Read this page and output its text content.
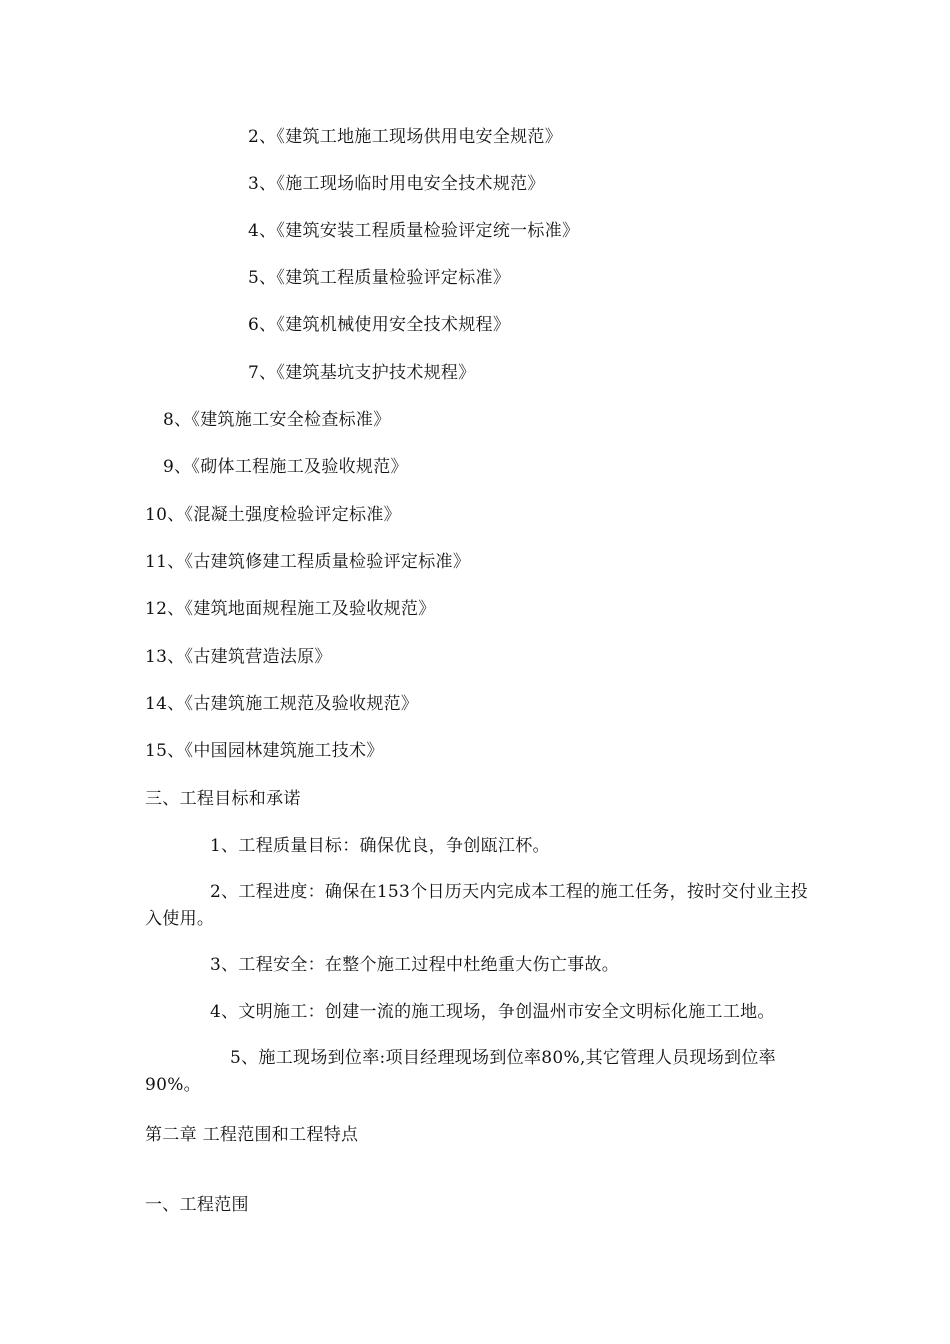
2、《建筑工地施工现场供用电安全规范》
3、《施工现场临时用电安全技术规范》
4、《建筑安装工程质量检验评定统一标准》
5、《建筑工程质量检验评定标准》
6、《建筑机械使用安全技术规程》
7、《建筑基坑支护技术规程》
8、《建筑施工安全检查标准》
9、《砌体工程施工及验收规范》
10、《混凝土强度检验评定标准》
11、《古建筑修建工程质量检验评定标准》
12、《建筑地面规程施工及验收规范》
13、《古建筑营造法原》
14、《古建筑施工规范及验收规范》
15、《中国园林建筑施工技术》
三、工程目标和承诺
1、工程质量目标：确保优良，争创瓯江杯。
2、工程进度：确保在153个日历天内完成本工程的施工任务，按时交付业主投入使用。
3、工程安全：在整个施工过程中杜绝重大伤亡事故。
4、文明施工：创建一流的施工现场，争创温州市安全文明标化施工工地。
5、施工现场到位率:项目经理现场到位率80%,其它管理人员现场到位率90%。
第二章 工程范围和工程特点
一、工程范围
